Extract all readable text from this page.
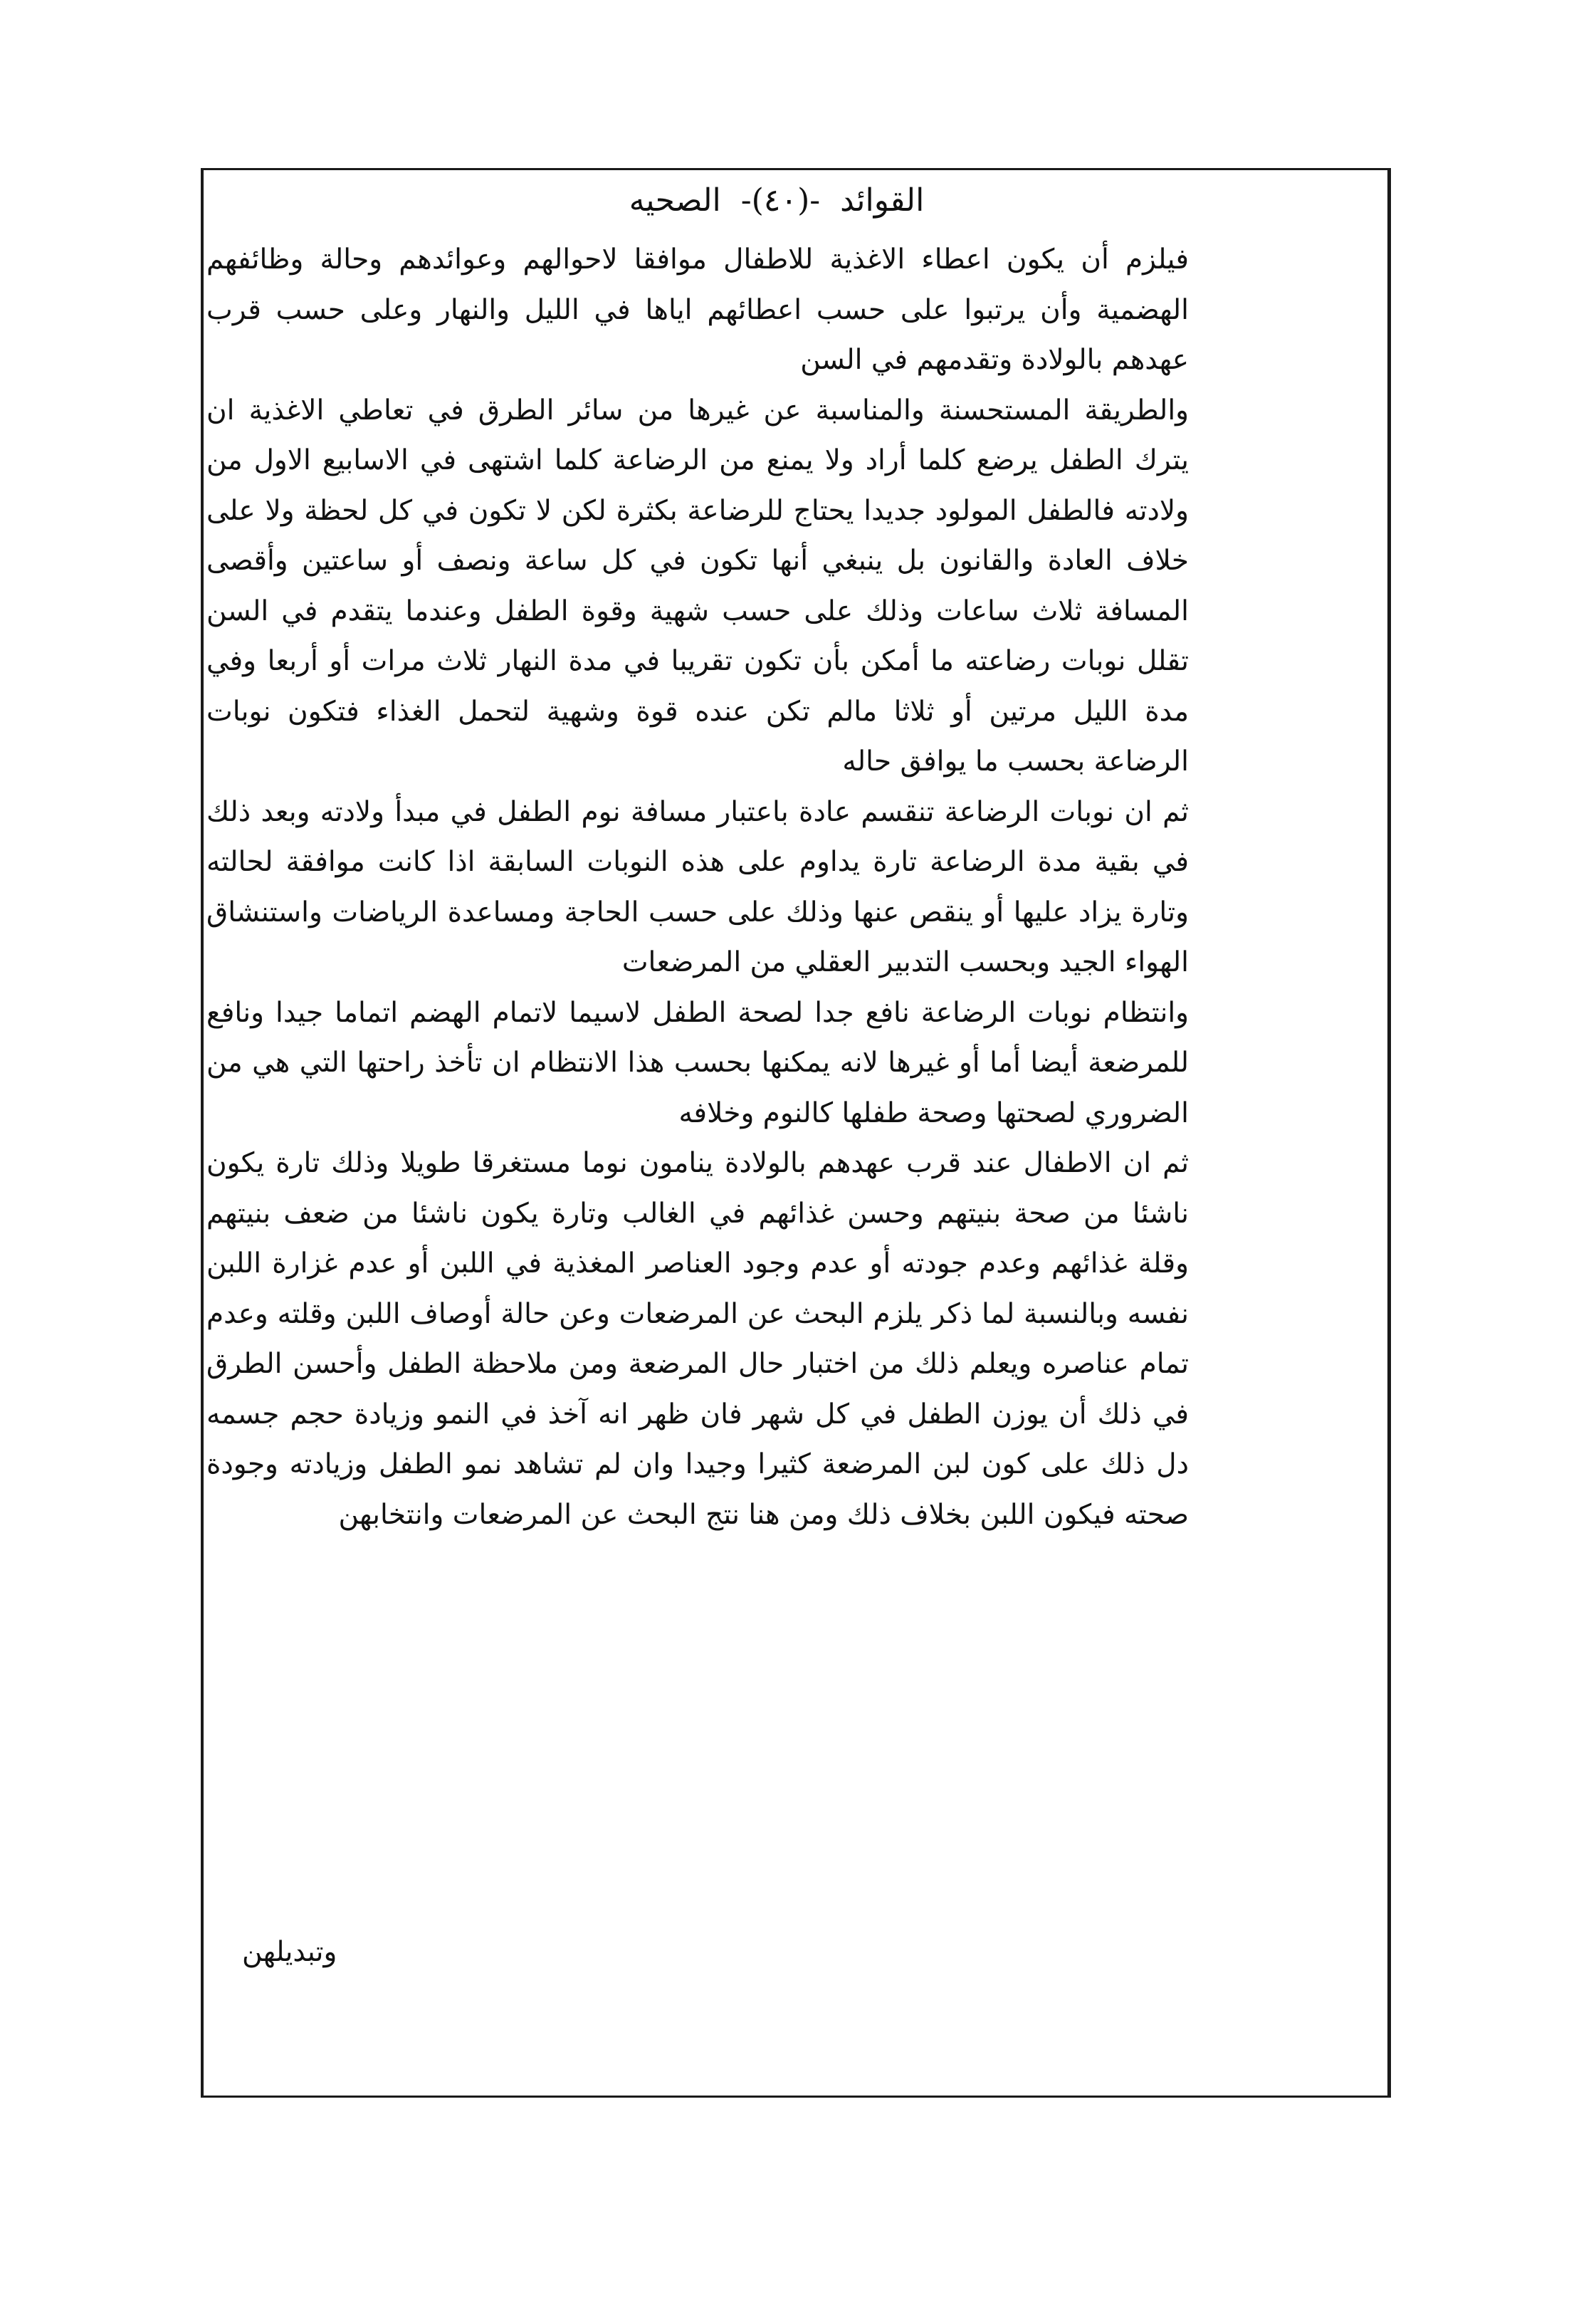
القوائد
-(٤٠)-
الصحيه

فيلزم أن يكون اعطاء الاغذية للاطفال موافقا لاحوالهم وعوائدهم وحالة وظائفهم الهضمية وأن يرتبوا على حسب اعطائهم اياها في الليل والنهار وعلى حسب قرب عهدهم بالولادة وتقدمهم في السن

والطريقة المستحسنة والمناسبة عن غيرها من سائر الطرق في تعاطي الاغذية ان يترك الطفل يرضع كلما أراد ولا يمنع من الرضاعة كلما اشتهى في الاسابيع الاول من ولادته فالطفل المولود جديدا يحتاج للرضاعة بكثرة لكن لا تكون في كل لحظة ولا على خلاف العادة والقانون بل ينبغي أنها تكون في كل ساعة ونصف أو ساعتين وأقصى المسافة ثلاث ساعات وذلك على حسب شهية وقوة الطفل وعندما يتقدم في السن تقلل نوبات رضاعته ما أمكن بأن تكون تقريبا في مدة النهار ثلاث مرات أو أربعا وفي مدة الليل مرتين أو ثلاثا مالم تكن عنده قوة وشهية لتحمل الغذاء فتكون نوبات الرضاعة بحسب ما يوافق حاله

ثم ان نوبات الرضاعة تنقسم عادة باعتبار مسافة نوم الطفل في مبدأ ولادته وبعد ذلك في بقية مدة الرضاعة تارة يداوم على هذه النوبات السابقة اذا كانت موافقة لحالته وتارة يزاد عليها أو ينقص عنها وذلك على حسب الحاجة ومساعدة الرياضات واستنشاق الهواء الجيد وبحسب التدبير العقلي من المرضعات

وانتظام نوبات الرضاعة نافع جدا لصحة الطفل لاسيما لاتمام الهضم اتماما جيدا ونافع للمرضعة أيضا أما أو غيرها لانه يمكنها بحسب هذا الانتظام ان تأخذ راحتها التي هي من الضروري لصحتها وصحة طفلها كالنوم وخلافه

ثم ان الاطفال عند قرب عهدهم بالولادة ينامون نوما مستغرقا طويلا وذلك تارة يكون ناشئا من صحة بنيتهم وحسن غذائهم في الغالب وتارة يكون ناشئا من ضعف بنيتهم وقلة غذائهم وعدم جودته أو عدم وجود العناصر المغذية في اللبن أو عدم غزارة اللبن نفسه وبالنسبة لما ذكر يلزم البحث عن المرضعات وعن حالة أوصاف اللبن وقلته وعدم تمام عناصره ويعلم ذلك من اختبار حال المرضعة ومن ملاحظة الطفل وأحسن الطرق في ذلك أن يوزن الطفل في كل شهر فان ظهر انه آخذ في النمو وزيادة حجم جسمه دل ذلك على كون لبن المرضعة كثيرا وجيدا وان لم تشاهد نمو الطفل وزيادته وجودة صحته فيكون اللبن بخلاف ذلك ومن هنا نتج البحث عن المرضعات وانتخابهن

وتبديلهن
